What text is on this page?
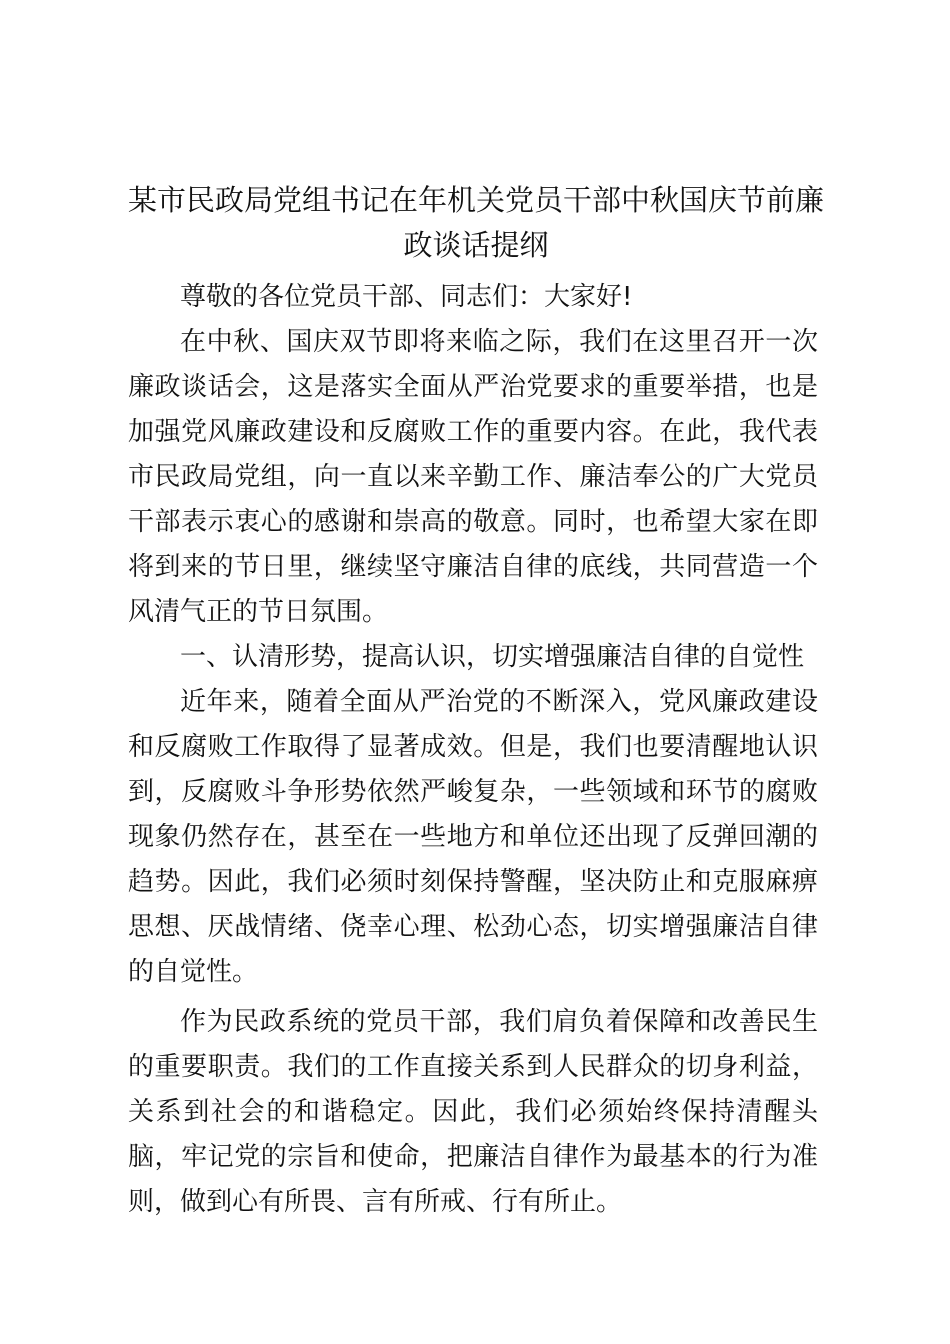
某市民政局党组书记在年机关党员干部中秋国庆节前廉政谈话提纲

尊敬的各位党员干部、同志们：大家好!

在中秋、国庆双节即将来临之际，我们在这里召开一次廉政谈话会，这是落实全面从严治党要求的重要举措，也是加强党风廉政建设和反腐败工作的重要内容。在此，我代表市民政局党组，向一直以来辛勤工作、廉洁奉公的广大党员干部表示衷心的感谢和崇高的敬意。同时，也希望大家在即将到来的节日里，继续坚守廉洁自律的底线，共同营造一个风清气正的节日氛围。

一、认清形势，提高认识，切实增强廉洁自律的自觉性

近年来，随着全面从严治党的不断深入，党风廉政建设和反腐败工作取得了显著成效。但是，我们也要清醒地认识到，反腐败斗争形势依然严峻复杂，一些领域和环节的腐败现象仍然存在，甚至在一些地方和单位还出现了反弹回潮的趋势。因此，我们必须时刻保持警醒，坚决防止和克服麻痹思想、厌战情绪、侥幸心理、松劲心态，切实增强廉洁自律的自觉性。

作为民政系统的党员干部，我们肩负着保障和改善民生的重要职责。我们的工作直接关系到人民群众的切身利益，关系到社会的和谐稳定。因此，我们必须始终保持清醒头脑，牢记党的宗旨和使命，把廉洁自律作为最基本的行为准则，做到心有所畏、言有所戒、行有所止。
